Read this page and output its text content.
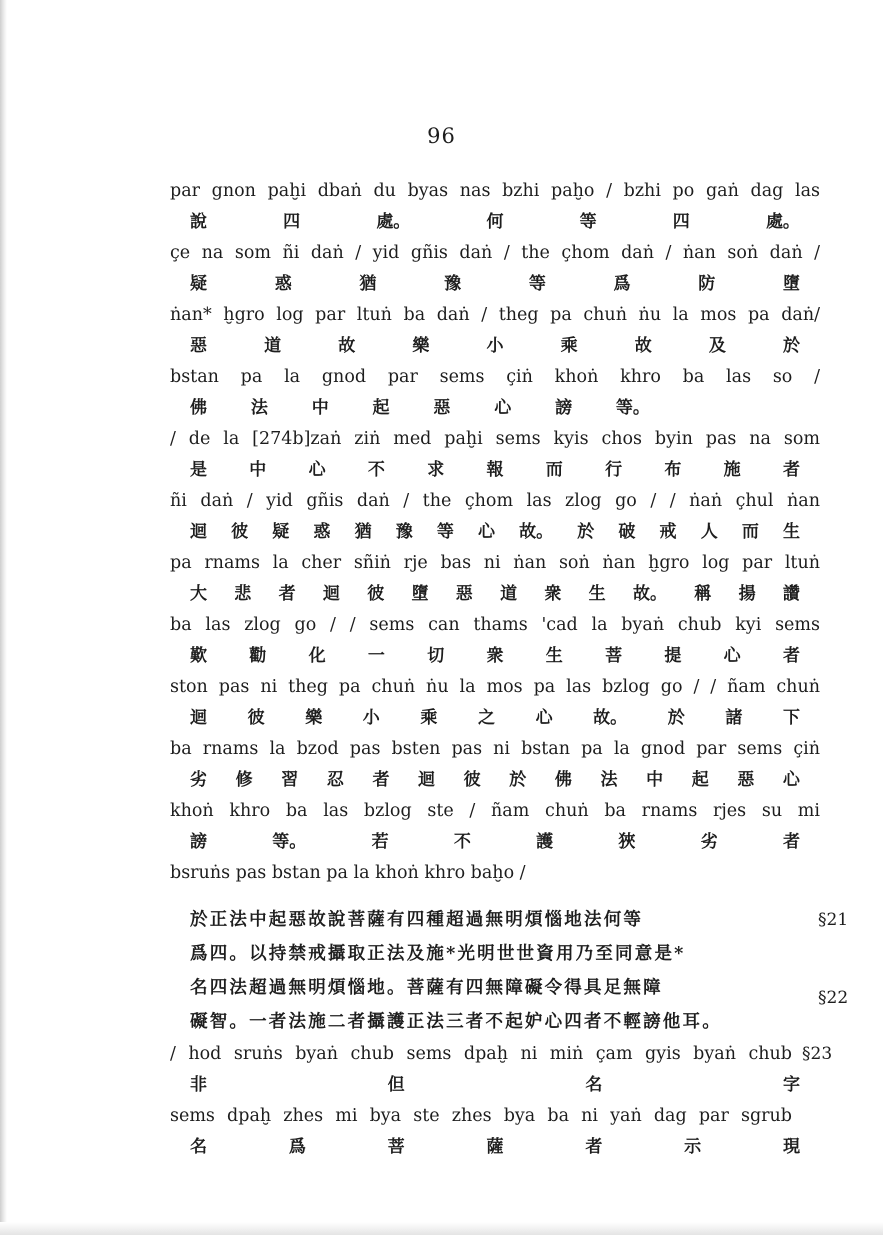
96
par gnon paḫi dbaṅ du byas nas bzhi paḫo / bzhi po gaṅ dag las
說	四	處。	何	等	四	處。
çe na som ñi daṅ / yid gñis daṅ / the çhom daṅ / ṅan soṅ daṅ /
疑	惑	猶	豫	等	爲	防	墮
ṅan* ḫgro log par ltuṅ ba daṅ / theg pa chuṅ ṅu la mos pa daṅ/
惡	道	故	樂	小	乘	故	及	於
bstan pa la gnod par sems çiṅ khoṅ khro ba las so /
佛	法	中	起	惡	心	謗	等。
/ de la [274b]zaṅ ziṅ med paḫi sems kyis chos byin pas na som
是 中 心 不 求 報 而 行 布 施 者
ñi daṅ / yid gñis daṅ / the çhom las zlog go / / ṅaṅ çhul ṅan
迴 彼 疑 惑 猶 豫 等 心 故。 於 破 戒 人 而 生
pa rnams la cher sñiṅ rje bas ni ṅan soṅ ṅan ḫgro log par ltuṅ
大 悲 者 迴 彼 墮 惡 道 衆 生 故。 稱 揚 讚
ba las zlog go / / sems can thams 'cad la byaṅ chub kyi sems
歎 勸 化 一 切 衆 生 菩 提 心 者
ston pas ni theg pa chuṅ ṅu la mos pa las bzlog go / / ñam chuṅ
迴 彼 樂 小 乘 之 心 故。 於 諸 下
ba rnams la bzod pas bsten pas ni bstan pa la gnod par sems çiṅ
劣 修 習 忍 者 迴 彼 於 佛 法 中 起 惡 心
khoṅ khro ba las bzlog ste / ñam chuṅ ba rnams rjes su mi
謗	等。	若	不	護	狹	劣	者
bsruṅs pas bstan pa la khoṅ khro baḫo /
於正法中起惡故說菩薩有四種超過無明煩惱地法何等	§21
爲四。以持禁戒攝取正法及施*光明世世資用乃至同意是*
名四法超過無明煩惱地。菩薩有四無障礙令得具足無障	§22
礙智。一者法施二者攝護正法三者不起妒心四者不輕謗他耳。
/ hod sruṅs byaṅ chub sems dpaḫ ni miṅ çam gyis byaṅ chub §23
非	但	名	字
sems dpaḫ zhes mi bya ste zhes bya ba ni yaṅ dag par sgrub
名	爲	菩	薩	者	示	現
